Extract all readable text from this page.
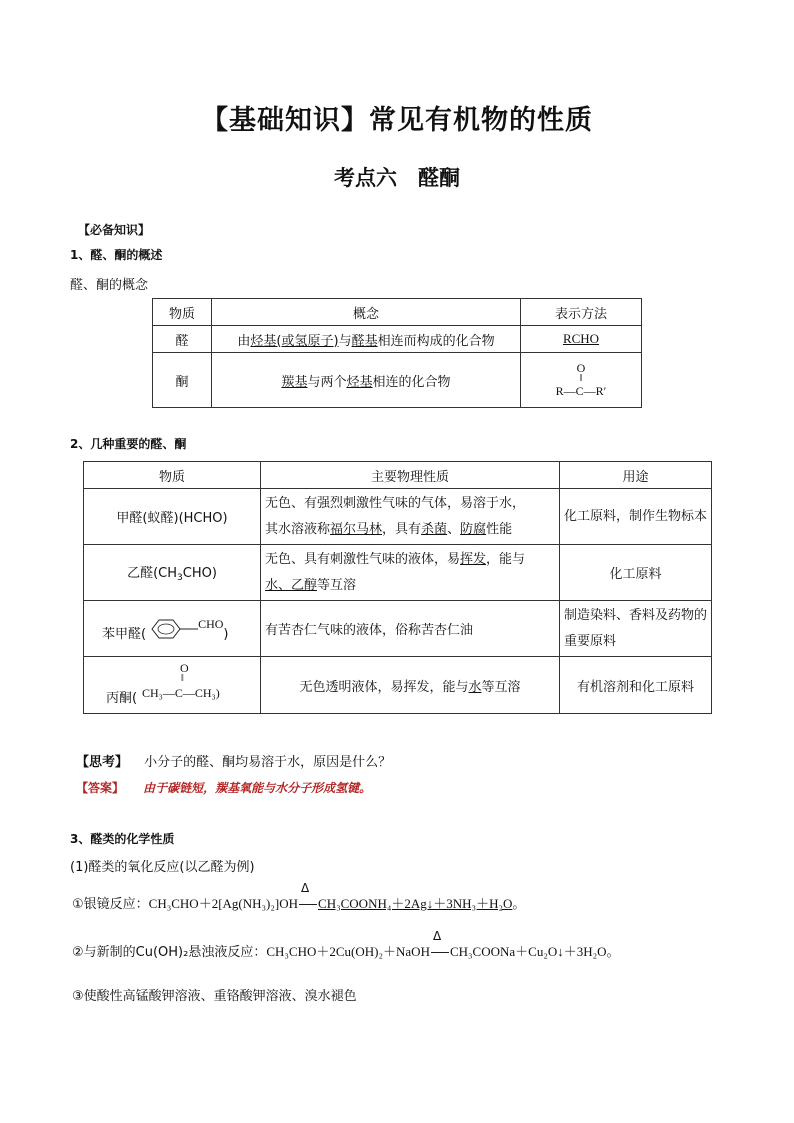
【基础知识】常见有机物的性质
考点六　醛酮
【必备知识】
1、醛、酮的概述
醛、酮的概念
物质	概念	表示方法
醛	由烃基(或氢原子)与醛基相连而构成的化合物	RCHO
酮	羰基与两个烃基相连的化合物	O
‖
R—C—R′
2、几种重要的醛、酮
物质	主要物理性质	用途
甲醛(蚁醛)(HCHO)	无色、有强烈刺激性气味的气体，易溶于水，
其水溶液称福尔马林，具有杀菌、防腐性能	化工原料，制作生物标本
乙醛$(CH_3CHO)$	无色、具有刺激性气味的液体，易挥发，能与
水、乙醇等互溶	化工原料
苯甲醛(CHO)	有苦杏仁气味的液体，俗称苦杏仁油	制造染料、香料及药物的重要原料

O
‖
丙酮( CH₃—C—CH₃)	无色透明液体，易挥发，能与水等互溶	有机溶剂和化工原料
【思考】 小分子的醛、酮均易溶于水，原因是什么？
【答案】 由于碳链短，羰基氧能与水分子形成氢键。
3、醛类的化学性质
(1)醛类的氧化反应(以乙醛为例)
①银镜反应：CH₃CHO＋2[Ag(NH₃)₂]OH
Δ
CH₃COONH₄＋2Ag↓＋3NH₃＋H₂O。
②与新制的Cu(OH)₂悬浊液反应：CH₃CHO＋2Cu(OH)₂＋NaOH
Δ
CH₃COONa＋Cu₂O↓＋3H₂O。
③使酸性高锰酸钾溶液、重铬酸钾溶液、溴水褪色
